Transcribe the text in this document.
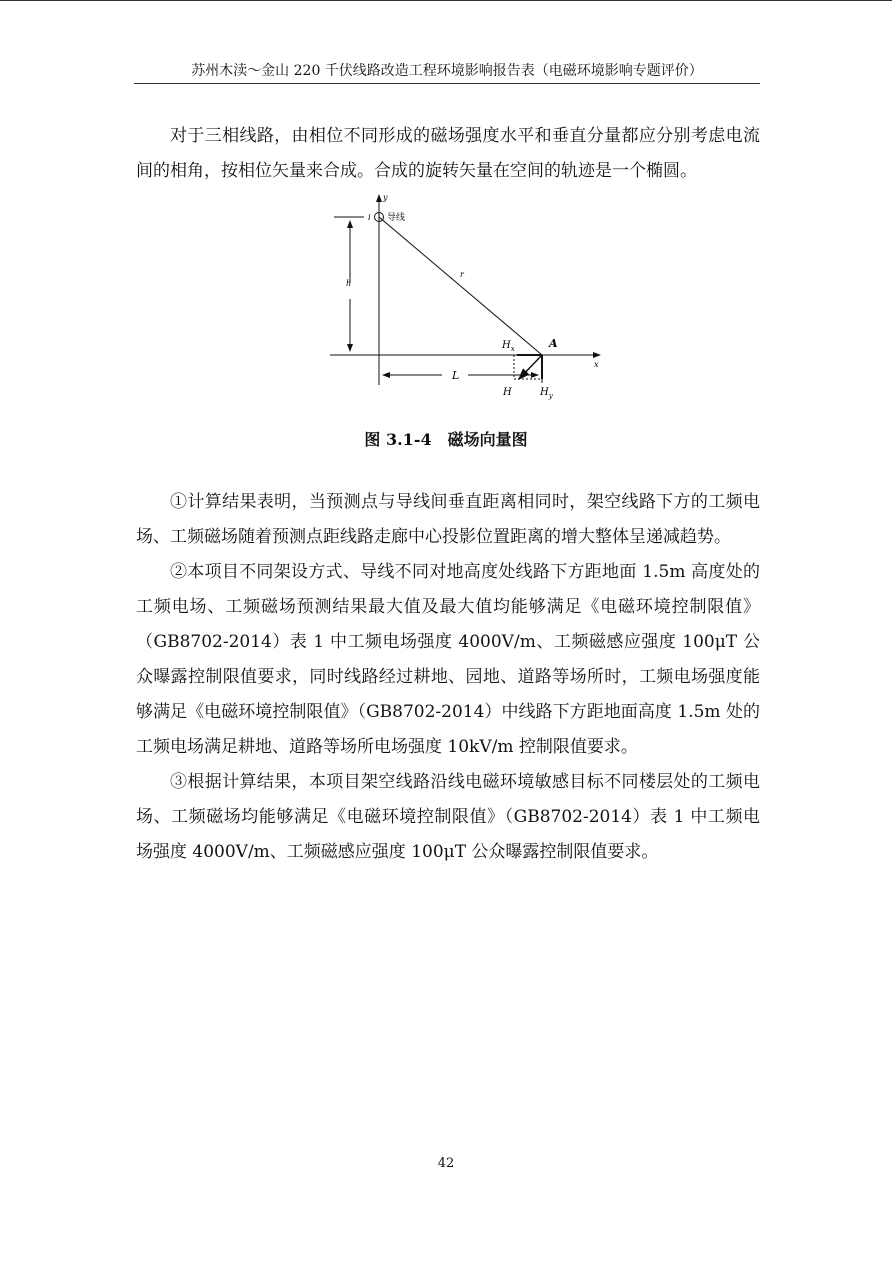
苏州木渎～金山 220 千伏线路改造工程环境影响报告表（电磁环境影响专题评价）

对于三相线路，由相位不同形成的磁场强度水平和垂直分量都应分别考虑电流间的相角，按相位矢量来合成。合成的旋转矢量在空间的轨迹是一个椭圆。

y
x
i 导线
h
r
L
A
$H_x$
$H_y$
H
图 3.1-4　磁场向量图

①计算结果表明，当预测点与导线间垂直距离相同时，架空线路下方的工频电场、工频磁场随着预测点距线路走廊中心投影位置距离的增大整体呈递减趋势。

②本项目不同架设方式、导线不同对地高度处线路下方距地面 1.5m 高度处的工频电场、工频磁场预测结果最大值及最大值均能够满足《电磁环境控制限值》（GB8702-2014）表 1 中工频电场强度 4000V/m、工频磁感应强度 100μT 公众曝露控制限值要求，同时线路经过耕地、园地、道路等场所时，工频电场强度能够满足《电磁环境控制限值》（GB8702-2014）中线路下方距地面高度 1.5m 处的工频电场满足耕地、道路等场所电场强度 10kV/m 控制限值要求。

③根据计算结果，本项目架空线路沿线电磁环境敏感目标不同楼层处的工频电场、工频磁场均能够满足《电磁环境控制限值》（GB8702-2014）表 1 中工频电场强度 4000V/m、工频磁感应强度 100μT 公众曝露控制限值要求。

42
